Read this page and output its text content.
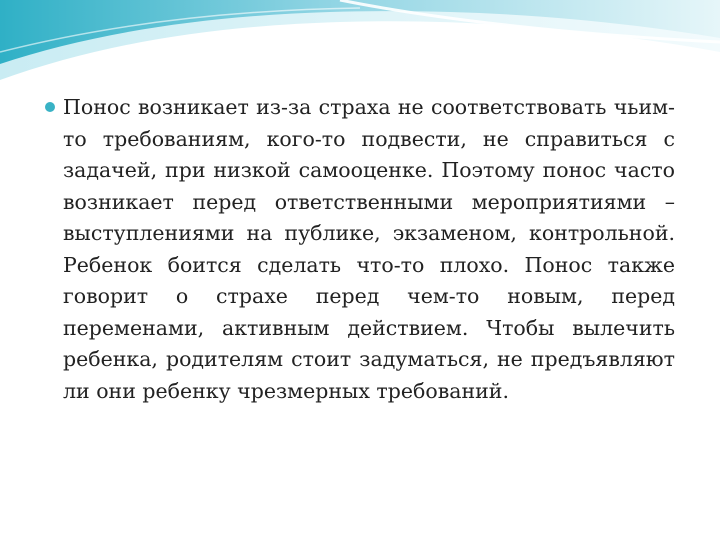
Понос возникает из-за страха не соответствовать чьим-то требованиям, кого-то подвести, не справиться с задачей, при низкой самооценке. Поэтому понос часто возникает перед ответственными мероприятиями – выступлениями на публике, экзаменом, контрольной. Ребенок боится сделать что-то плохо. Понос также говорит о страхе перед чем-то новым, перед переменами, активным действием. Чтобы вылечить ребенка, родителям стоит задуматься, не предъявляют ли они ребенку чрезмерных требований.
